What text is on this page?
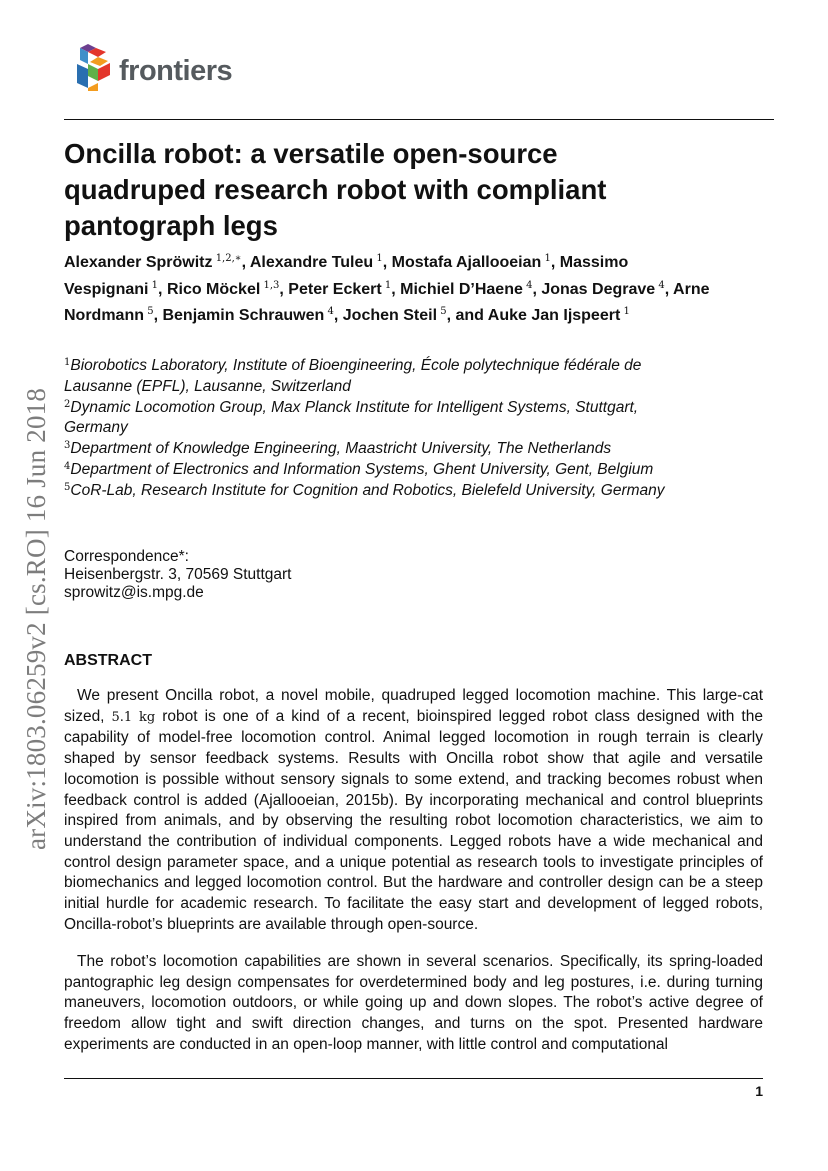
frontiers
Oncilla robot: a versatile open-source quadruped research robot with compliant pantograph legs
Alexander Spröwitz  $^{1,2,∗}$, Alexandre Tuleu  $^1$, Mostafa Ajallooeian  $^1$, Massimo Vespignani  $^1$, Rico Möckel  $^{1,3}$, Peter Eckert  $^1$, Michiel D’Haene  $^4$, Jonas Degrave  $^4$, Arne Nordmann  $^5$, Benjamin Schrauwen  $^4$, Jochen Steil  $^5$, and Auke Jan Ijspeert  $^1$
$^1$Biorobotics Laboratory, Institute of Bioengineering, École polytechnique fédérale de Lausanne (EPFL), Lausanne, Switzerland
$^2$Dynamic Locomotion Group, Max Planck Institute for Intelligent Systems, Stuttgart, Germany
$^3$Department of Knowledge Engineering, Maastricht University, The Netherlands
$^4$Department of Electronics and Information Systems, Ghent University, Gent, Belgium
$^5$CoR-Lab, Research Institute for Cognition and Robotics, Bielefeld University, Germany
Correspondence*:
Heisenbergstr. 3, 70569 Stuttgart
sprowitz@is.mpg.de
arXiv:1803.06259v2 [cs.RO] 16 Jun 2018 ABSTRACT

We present Oncilla robot, a novel mobile, quadruped legged locomotion machine. This large-cat sized, 5.1 kg robot is one of a kind of a recent, bioinspired legged robot class designed with the capability of model-free locomotion control. Animal legged locomotion in rough terrain is clearly shaped by sensor feedback systems. Results with Oncilla robot show that agile and versatile locomotion is possible without sensory signals to some extend, and tracking becomes robust when feedback control is added (Ajallooeian, 2015b). By incorporating mechanical and control blueprints inspired from animals, and by observing the resulting robot locomotion characteristics, we aim to understand the contribution of individual components. Legged robots have a wide mechanical and control design parameter space, and a unique potential as research tools to investigate principles of biomechanics and legged locomotion control. But the hardware and controller design can be a steep initial hurdle for academic research. To facilitate the easy start and development of legged robots, Oncilla-robot’s blueprints are available through open-source.

The robot’s locomotion capabilities are shown in several scenarios. Specifically, its spring-loaded pantographic leg design compensates for overdetermined body and leg postures, i.e. during turning maneuvers, locomotion outdoors, or while going up and down slopes. The robot’s active degree of freedom allow tight and swift direction changes, and turns on the spot. Presented hardware experiments are conducted in an open-loop manner, with little control and computational

1
